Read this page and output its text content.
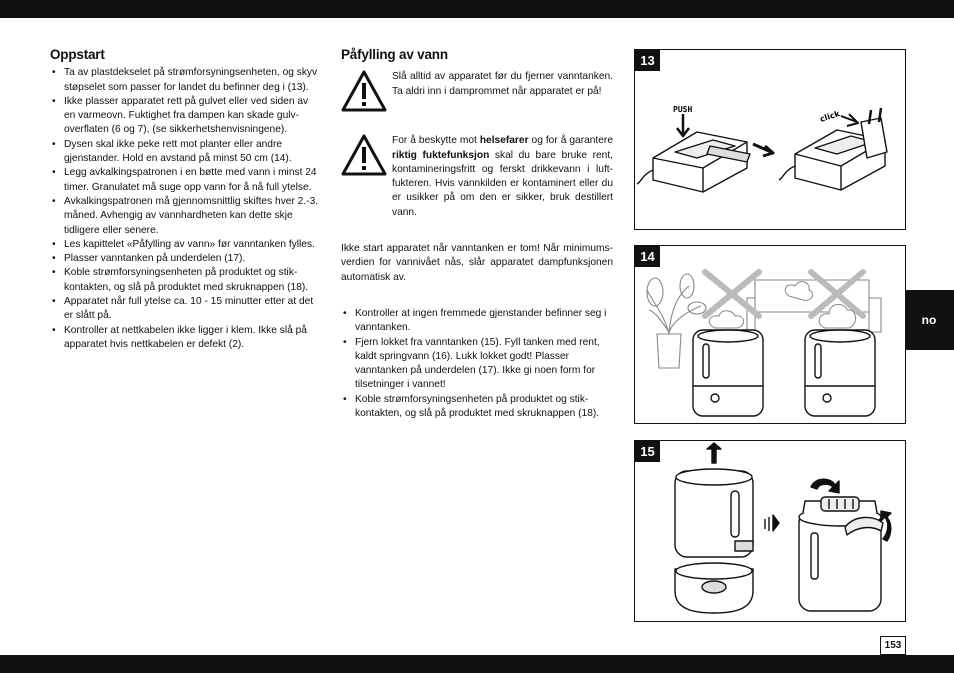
no
Oppstart
• Ta av plastdekselet på strømforsyningsenheten, og skyv støpselet som passer for landet du befinner deg i (13).
• Ikke plasser apparatet rett på gulvet eller ved siden av en varmeovn. Fuktighet fra dampen kan skade gulv- overflaten (6 og 7), (se sikkerhetshenvisningene).
• Dysen skal ikke peke rett mot planter eller andre gjenstander. Hold en avstand på minst 50 cm (14).
• Legg avkalkingspatronen i en bøtte med vann i minst 24 timer. Granulatet må suge opp vann for å nå full ytelse.
• Avkalkingspatronen må gjennomsnittlig skiftes hver 2.-3. måned. Avhengig av vannhardheten kan dette skje tidligere eller senere.
• Les kapittelet «Påfylling av vann» før vanntanken fylles.
• Plasser vanntanken på underdelen (17).
• Koble strømforsyningsenheten på produktet og stik- kontakten, og slå på produktet med skruknappen (18).
• Apparatet når full ytelse ca. 10 - 15 minutter etter at det er slått på.
• Kontroller at nettkabelen ikke ligger i klem. Ikke slå på apparatet hvis nettkabelen er defekt (2).
Påfylling av vann

Slå alltid av apparatet før du fjerner vanntanken. Ta aldri inn i damprommet når apparatet er på!

For å beskytte mot helsefarer og for å garantere riktig fuktefunksjon skal du bare bruke rent, kontamineringsfritt og ferskt drikkevann i luft- fukteren. Hvis vannkilden er kontaminert eller du er usikker på om den er sikker, bruk destillert vann.

Ikke start apparatet når vanntanken er tom! Når minimums- verdien for vannivået nås, slår apparatet dampfunksjonen automatisk av.

• Kontroller at ingen fremmede gjenstander befinner seg i vanntanken.
• Fjern lokket fra vanntanken (15). Fyll tanken med rent, kaldt springvann (16). Lukk lokket godt! Plasser vanntanken på underdelen (17). Ikke gi noen form for tilsetninger i vannet!
• Koble strømforsyningsenheten på produktet og stik- kontakten, og slå på produktet med skruknappen (18).
PUSH	click
13
14
15
153
